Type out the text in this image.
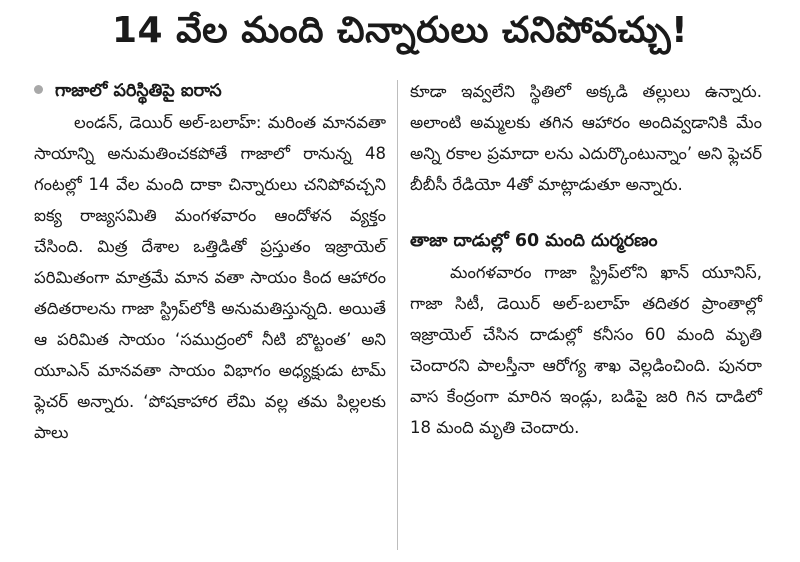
14 వేల మంది చిన్నారులు చనిపోవచ్చు!
గాజాలో పరిస్థితిపై ఐరాస

లండన్, డెయిర్ అల్-బలాహ్: మరింత మానవతా సాయాన్ని అనుమతించకపోతే గాజాలో రానున్న 48 గంటల్లో 14 వేల మంది దాకా చిన్నారులు చనిపోవచ్చని ఐక్య రాజ్యసమితి మంగళవారం ఆందోళన వ్యక్తం చేసింది. మిత్ర దేశాల ఒత్తిడితో ప్రస్తుతం ఇజ్రాయెల్ పరిమితంగా మాత్రమే మాన వతా సాయం కింద ఆహారం తదితరాలను గాజా స్ట్రిప్‌లోకి అనుమతిస్తున్నది. అయితే ఆ పరిమిత సాయం ‘సముద్రంలో నీటి బొట్టంత’ అని యూఎన్ మానవతా సాయం విభాగం అధ్యక్షుడు టామ్ ఫ్లెచర్ అన్నారు. ‘పోషకాహార లేమి వల్ల తమ పిల్లలకు పాలు

కూడా ఇవ్వలేని స్థితిలో అక్కడి తల్లులు ఉన్నారు. అలాంటి అమ్మలకు తగిన ఆహారం అందివ్వడానికి మేం అన్ని రకాల ప్రమాదా లను ఎదుర్కొంటున్నాం’ అని ఫ్లెచర్ బీబీసీ రేడియో 4తో మాట్లాడుతూ అన్నారు.

తాజా దాడుల్లో 60 మంది దుర్మరణం

మంగళవారం గాజా స్ట్రిప్‌లోని ఖాన్ యూనిస్, గాజా సిటీ, డెయిర్ అల్-బలాహ్ తదితర ప్రాంతాల్లో ఇజ్రాయెల్ చేసిన దాడుల్లో కనీసం 60 మంది మృతి చెందారని పాలస్తీనా ఆరోగ్య శాఖ వెల్లడించింది. పునరా వాస కేంద్రంగా మారిన ఇండ్లు, బడిపై జరి గిన దాడిలో 18 మంది మృతి చెందారు.
